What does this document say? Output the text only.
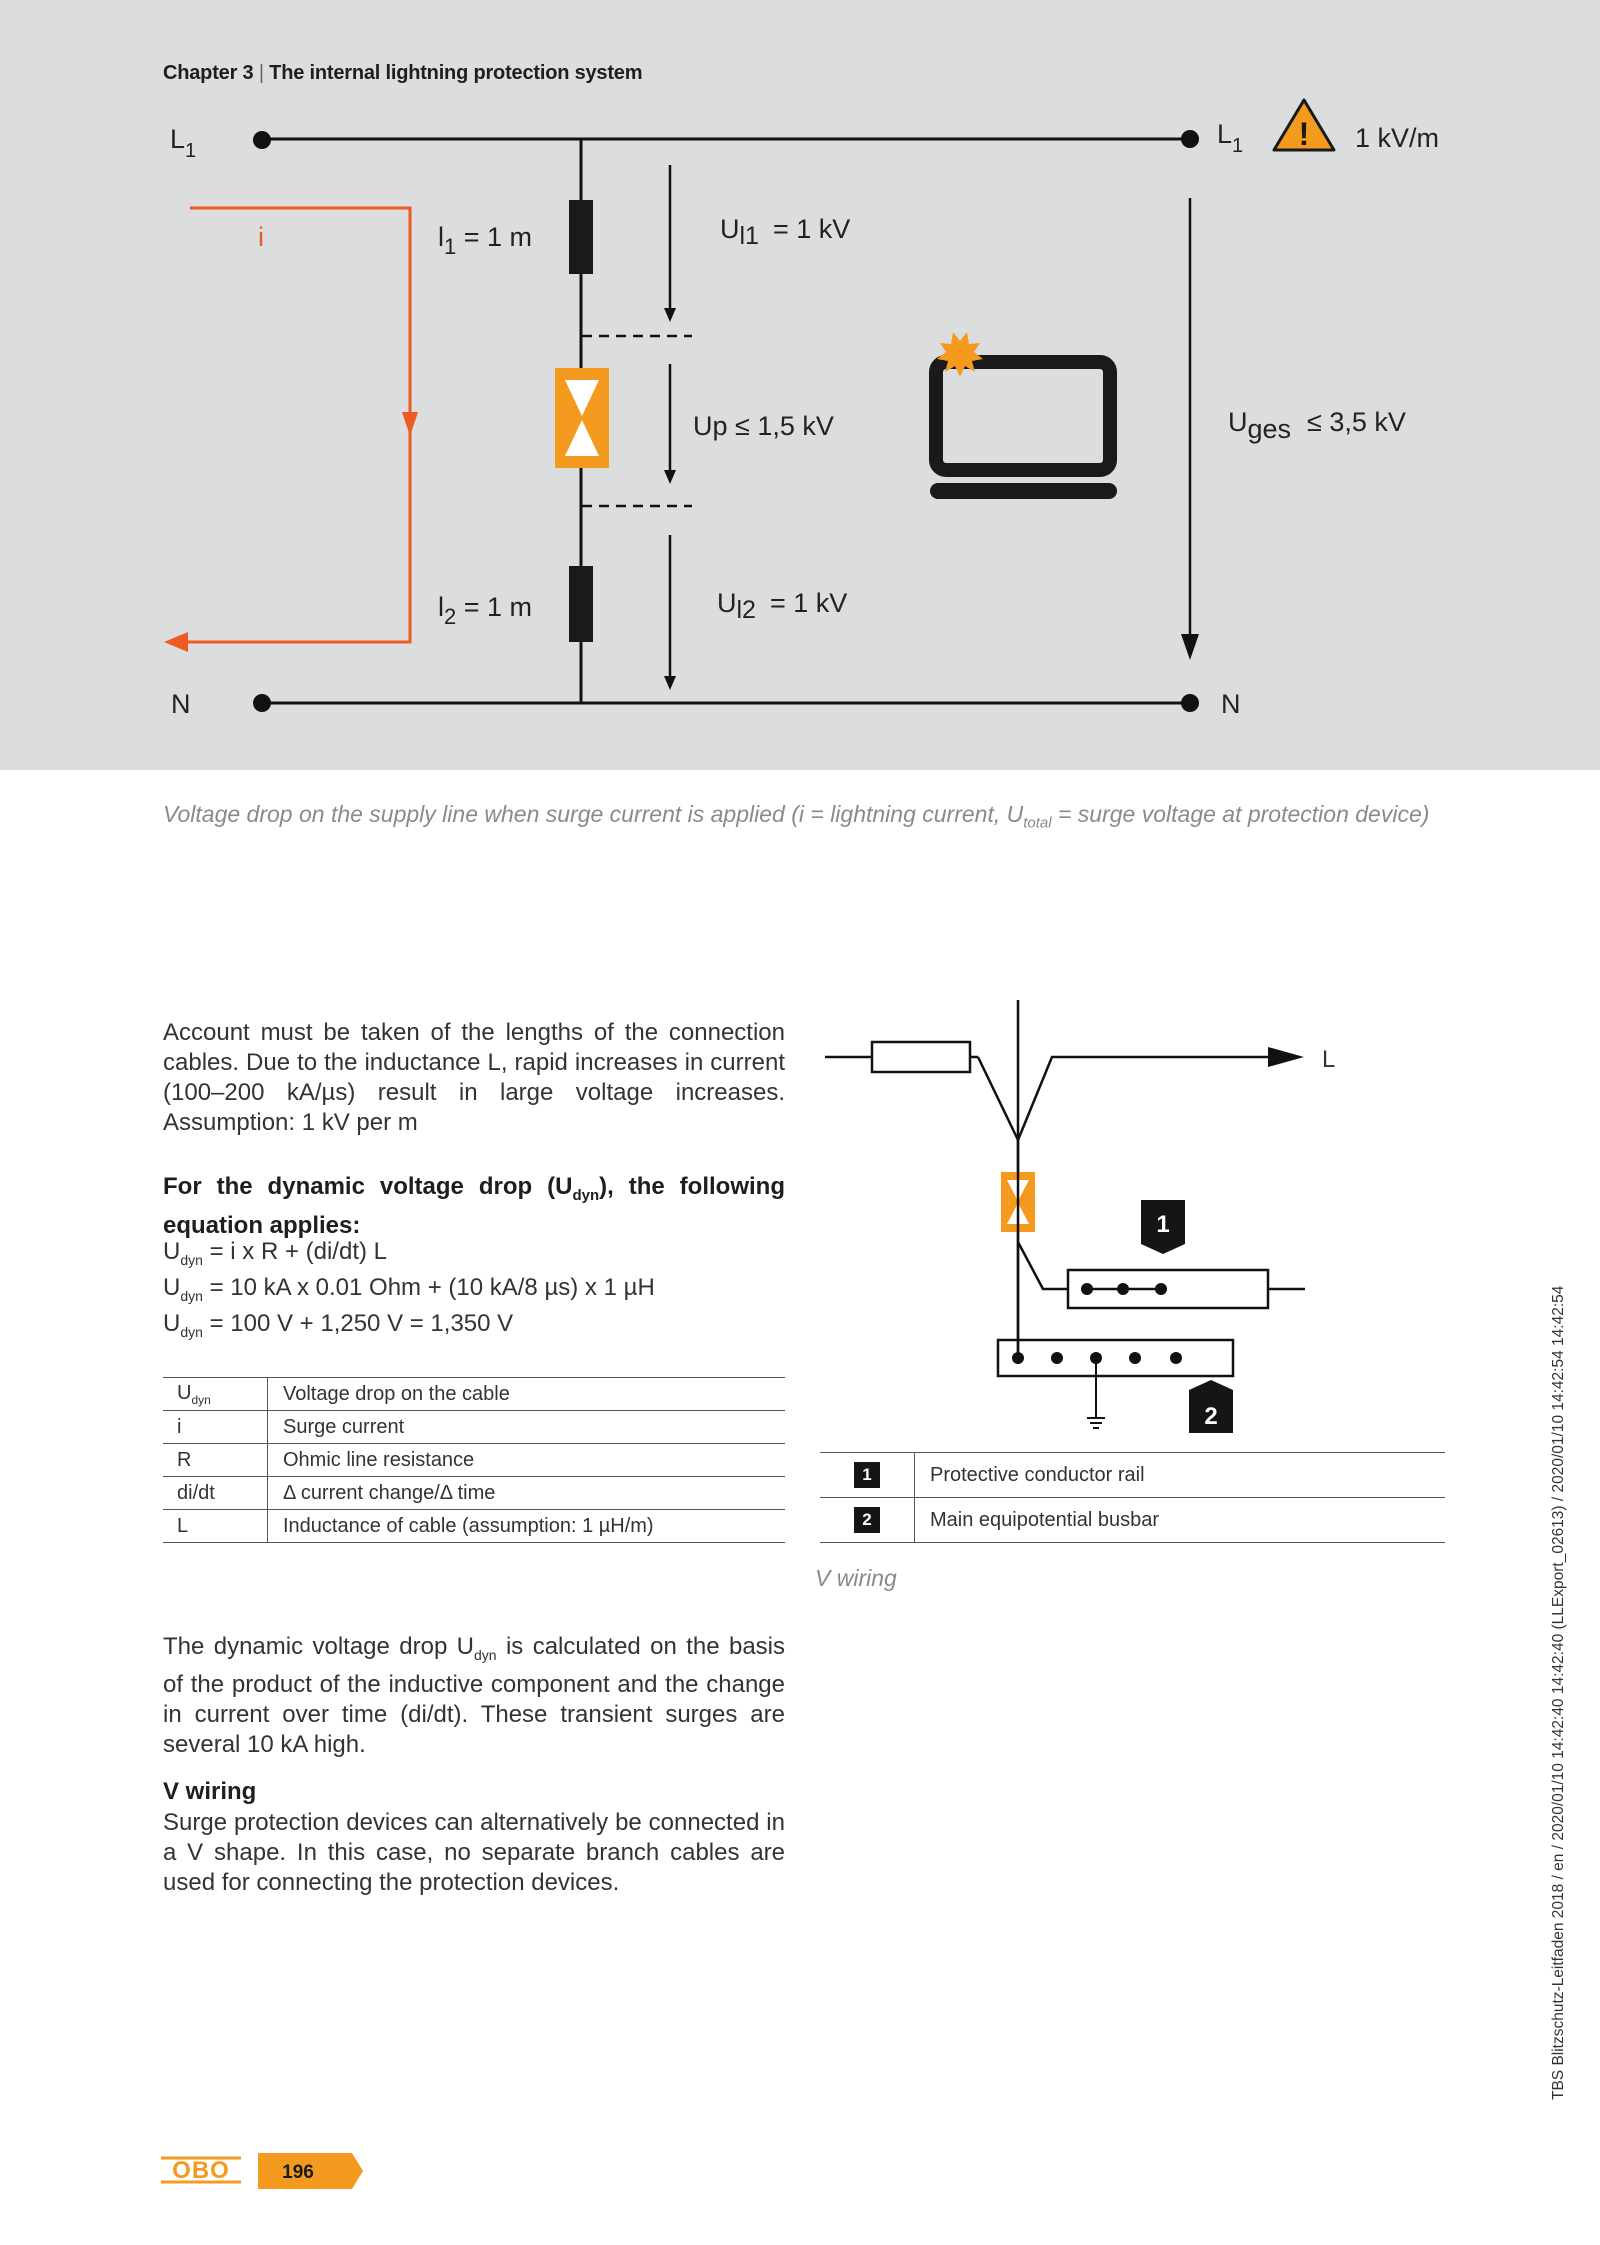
Chapter 3 | The internal lightning protection system
!
$L_1$
$L_1$	1 kV/m
i	$l_1 = 1$ m	Ul1 = 1 kV
Up ≤ 1,5 kV	Uges ≤ 3,5 kV
$l_2 = 1$ m	Ul2 = 1 kV
N	N
Voltage drop on the supply line when surge current is applied (i = lightning current, $U_{total}$ = surge voltage at protection device)
Account must be taken of the lengths of the connection cables. Due to the inductance L, rapid increases in current (100–200 kA/µs) result in large voltage increases. Assumption: 1 kV per m
For the dynamic voltage drop $(U_{dyn})$, the following equation applies:
$U_{dyn} = i$ x R + (di/dt) L
$U_{dyn} = 10$ kA x 0.01 Ohm + (10 kA/8 µs) x 1 µH
$U_{dyn} = 100$ V + 1,250 V = 1,350 V
$U_{dyn}$	Voltage drop on the cable
i	Surge current
R	Ohmic line resistance
di/dt	Δ current change/Δ time
L	Inductance of cable (assumption: 1 µH/m)
The dynamic voltage drop $U_{dyn}$ is calculated on the basis of the product of the inductive component and the change in current over time (di/dt). These transient surges are several 10 kA high.
V wiring
Surge protection devices can alternatively be connected in a V shape. In this case, no separate branch cables are used for connecting the protection devices.
L
1
2
1	Protective conductor rail
2	Main equipotential busbar
V wiring	TBS Blitzschutz-Leitfaden 2018 / en / 2020/01/10 14:42:40 14:42:40 (LLExport_02613) / 2020/01/10 14:42:54 14:42:54
OBO	196
